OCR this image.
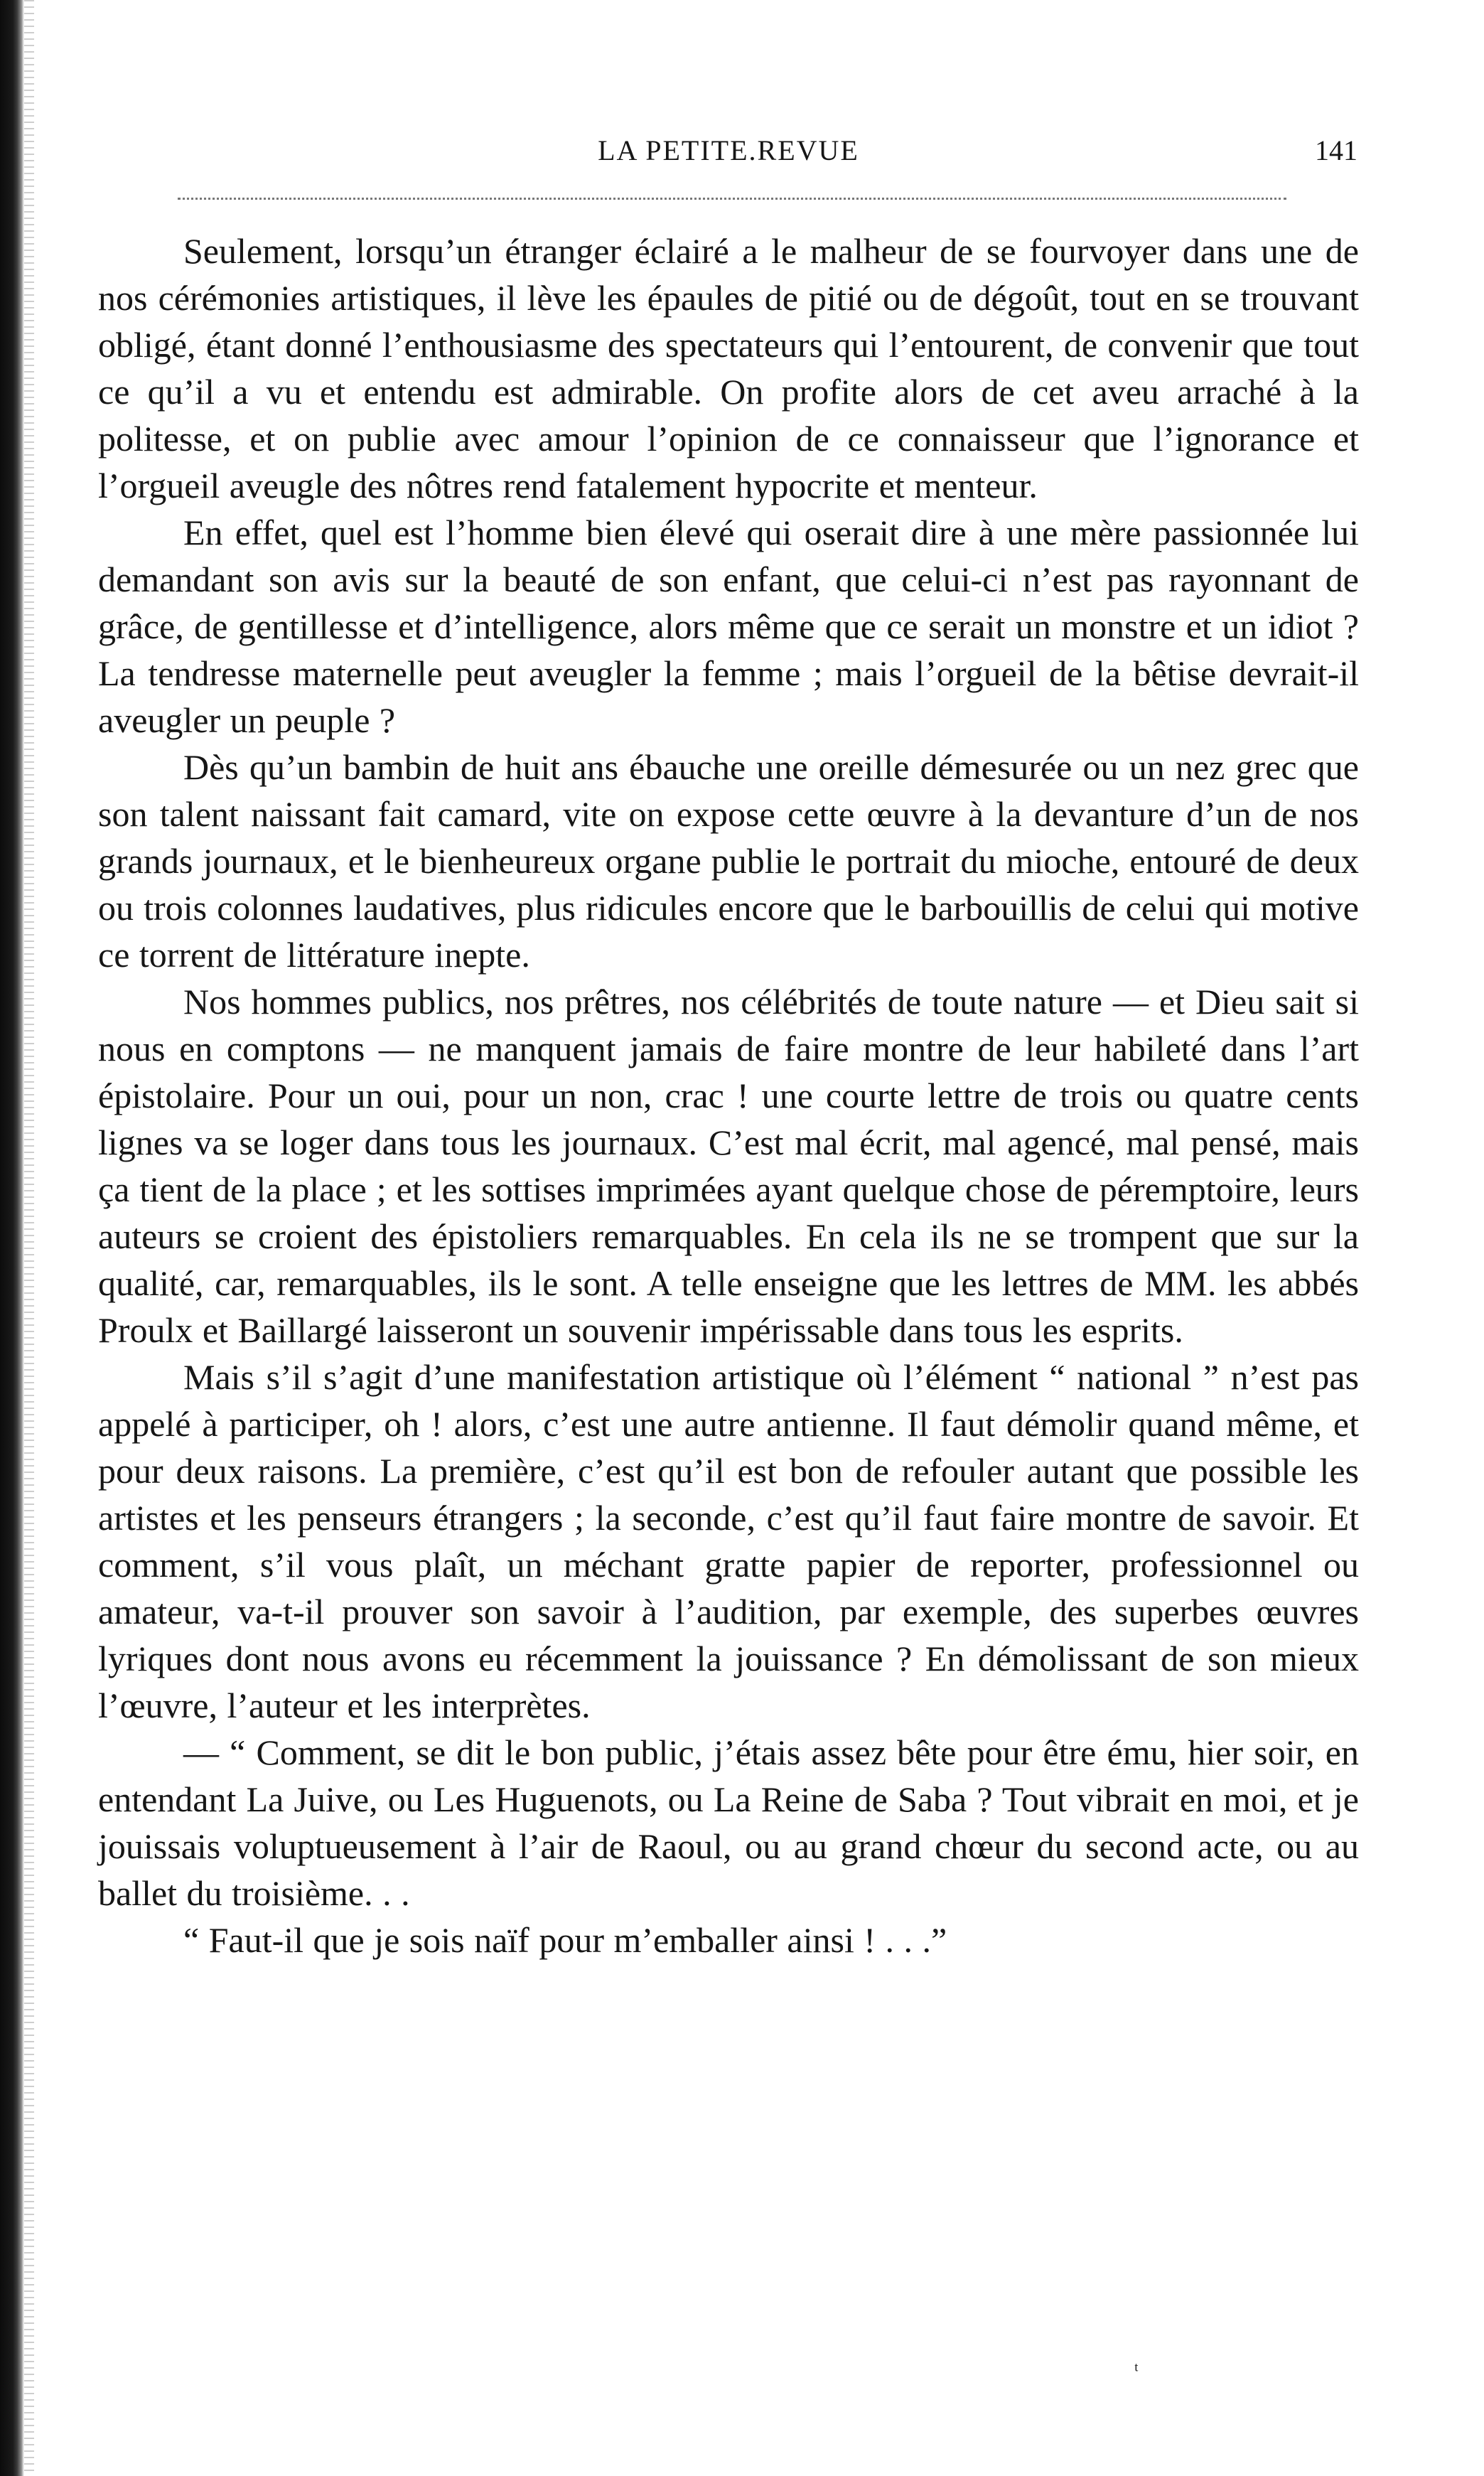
LA PETITE.REVUE	141

Seulement, lorsqu’un étranger éclairé a le malheur de se fourvoyer dans une de nos cérémonies artistiques, il lève les épaules de pitié ou de dégoût, tout en se trouvant obligé, étant donné l’enthousiasme des spectateurs qui l’entourent, de convenir que tout ce qu’il a vu et entendu est admirable. On profite alors de cet aveu arraché à la politesse, et on publie avec amour l’opinion de ce connaisseur que l’ignorance et l’orgueil aveugle des nôtres rend fatalement hypocrite et menteur.

En effet, quel est l’homme bien élevé qui oserait dire à une mère passionnée lui demandant son avis sur la beauté de son enfant, que celui-ci n’est pas rayonnant de grâce, de gentillesse et d’intelligence, alors même que ce serait un monstre et un idiot ? La tendresse maternelle peut aveugler la femme ; mais l’orgueil de la bêtise devrait-il aveugler un peuple ?

Dès qu’un bambin de huit ans ébauche une oreille démesurée ou un nez grec que son talent naissant fait camard, vite on expose cette œuvre à la devanture d’un de nos grands journaux, et le bienheureux organe publie le portrait du mioche, entouré de deux ou trois colonnes laudatives, plus ridicules encore que le barbouillis de celui qui motive ce torrent de littérature inepte.

Nos hommes publics, nos prêtres, nos célébrités de toute nature — et Dieu sait si nous en comptons — ne manquent jamais de faire montre de leur habileté dans l’art épistolaire. Pour un oui, pour un non, crac ! une courte lettre de trois ou quatre cents lignes va se loger dans tous les journaux. C’est mal écrit, mal agencé, mal pensé, mais ça tient de la place ; et les sottises imprimées ayant quelque chose de péremptoire, leurs auteurs se croient des épistoliers remarquables. En cela ils ne se trompent que sur la qualité, car, remarquables, ils le sont. A telle enseigne que les lettres de MM. les abbés Proulx et Baillargé laisseront un souvenir impérissable dans tous les esprits.

Mais s’il s’agit d’une manifestation artistique où l’élément “ national ” n’est pas appelé à participer, oh ! alors, c’est une autre antienne. Il faut démolir quand même, et pour deux raisons. La première, c’est qu’il est bon de refouler autant que possible les artistes et les penseurs étrangers ; la seconde, c’est qu’il faut faire montre de savoir. Et comment, s’il vous plaît, un méchant gratte papier de reporter, professionnel ou amateur, va-t-il prouver son savoir à l’audition, par exemple, des superbes œuvres lyriques dont nous avons eu récemment la jouissance ? En démolissant de son mieux l’œuvre, l’auteur et les interprètes.

— “ Comment, se dit le bon public, j’étais assez bête pour être ému, hier soir, en entendant La Juive, ou Les Huguenots, ou La Reine de Saba ? Tout vibrait en moi, et je jouissais voluptueusement à l’air de Raoul, ou au grand chœur du second acte, ou au ballet du troisième. . .

“ Faut-il que je sois naïf pour m’emballer ainsi ! . . .”

ᵗ
